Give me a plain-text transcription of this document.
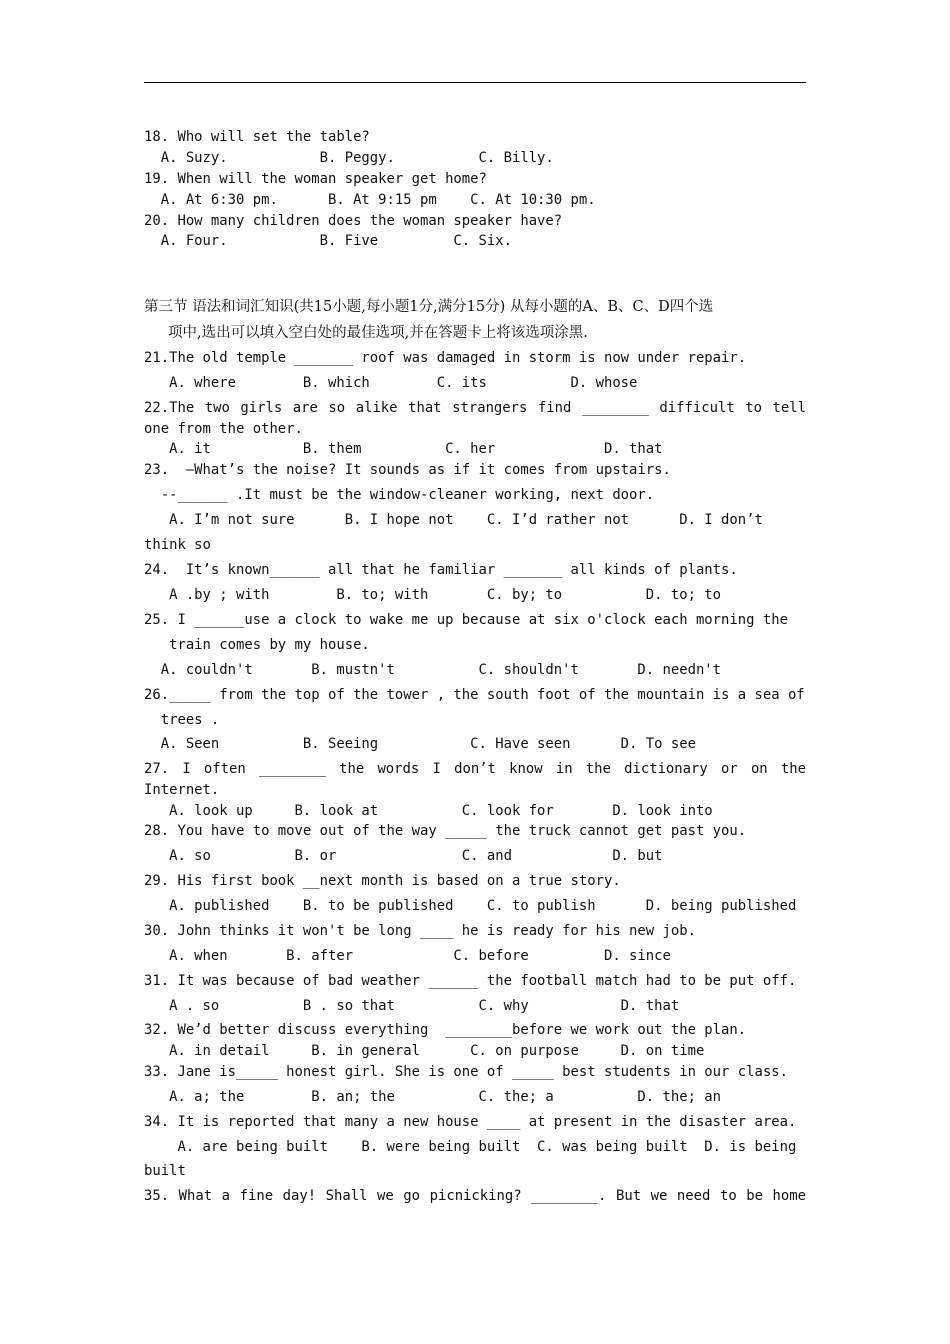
18. Who will set the table?
A. Suzy.           B. Peggy.          C. Billy.
19. When will the woman speaker get home?
A. At 6:30 pm.      B. At 9:15 pm    C. At 10:30 pm.
20. How many children does the woman speaker have?
A. Four.           B. Five         C. Six.
第三节 语法和词汇知识(共15小题,每小题1分,满分15分) 从每小题的A、B、C、D四个选
项中,选出可以填入空白处的最佳选项,并在答题卡上将该选项涂黑.
21.The old temple _______ roof was damaged in storm is now under repair.
A. where        B. which        C. its          D. whose
22.The two girls are so alike that strangers find ________ difficult to tell
one from the other.
A. it           B. them          C. her             D. that
23.  –What’s the noise? It sounds as if it comes from upstairs.
--______ .It must be the window-cleaner working, next door.
A. I’m not sure      B. I hope not    C. I’d rather not      D. I don’t
think so
24.  It’s known______ all that he familiar _______ all kinds of plants.
A .by ; with        B. to; with       C. by; to          D. to; to
25. I ______use a clock to wake me up because at six o'clock each morning the
train comes by my house.
A. couldn't       B. mustn't          C. shouldn't       D. needn't
26._____ from the top of the tower , the south foot of the mountain is a sea of
trees .
A. Seen          B. Seeing           C. Have seen      D. To see
27. I often ________ the words I don’t know in the dictionary or on the
Internet.
A. look up     B. look at          C. look for       D. look into
28. You have to move out of the way _____ the truck cannot get past you.
A. so          B. or               C. and            D. but
29. His first book __next month is based on a true story.
A. published    B. to be published    C. to publish      D. being published
30. John thinks it won't be long ____ he is ready for his new job.
A. when       B. after            C. before         D. since
31. It was because of bad weather ______ the football match had to be put off.
A . so          B . so that          C. why           D. that
32. We’d better discuss everything  ________before we work out the plan.
A. in detail     B. in general      C. on purpose     D. on time
33. Jane is_____ honest girl. She is one of _____ best students in our class.
A. a; the        B. an; the          C. the; a          D. the; an
34. It is reported that many a new house ____ at present in the disaster area.
A. are being built    B. were being built  C. was being built  D. is being
built
35. What a fine day! Shall we go picnicking? ________. But we need to be home
